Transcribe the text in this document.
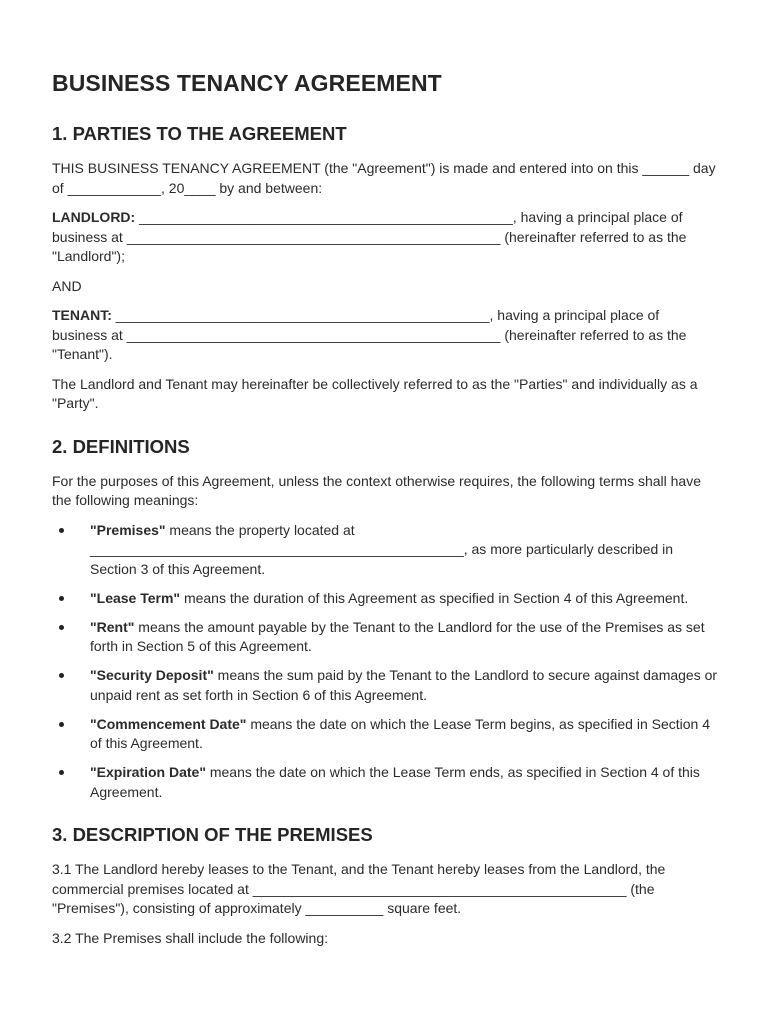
BUSINESS TENANCY AGREEMENT
1. PARTIES TO THE AGREEMENT

THIS BUSINESS TENANCY AGREEMENT (the "Agreement") is made and entered into on this ______ day of ____________, 20____ by and between:

LANDLORD: ________________________________________________, having a principal place of business at ________________________________________________ (hereinafter referred to as the "Landlord");

AND

TENANT: ________________________________________________, having a principal place of business at ________________________________________________ (hereinafter referred to as the "Tenant").

The Landlord and Tenant may hereinafter be collectively referred to as the "Parties" and individually as a "Party".

2. DEFINITIONS

For the purposes of this Agreement, unless the context otherwise requires, the following terms shall have the following meanings:

"Premises" means the property located at ________________________________________________, as more particularly described in Section 3 of this Agreement.
"Lease Term" means the duration of this Agreement as specified in Section 4 of this Agreement.
"Rent" means the amount payable by the Tenant to the Landlord for the use of the Premises as set forth in Section 5 of this Agreement.
"Security Deposit" means the sum paid by the Tenant to the Landlord to secure against damages or unpaid rent as set forth in Section 6 of this Agreement.
"Commencement Date" means the date on which the Lease Term begins, as specified in Section 4 of this Agreement.
"Expiration Date" means the date on which the Lease Term ends, as specified in Section 4 of this Agreement.
3. DESCRIPTION OF THE PREMISES

3.1 The Landlord hereby leases to the Tenant, and the Tenant hereby leases from the Landlord, the commercial premises located at ________________________________________________ (the "Premises"), consisting of approximately __________ square feet.

3.2 The Premises shall include the following:
